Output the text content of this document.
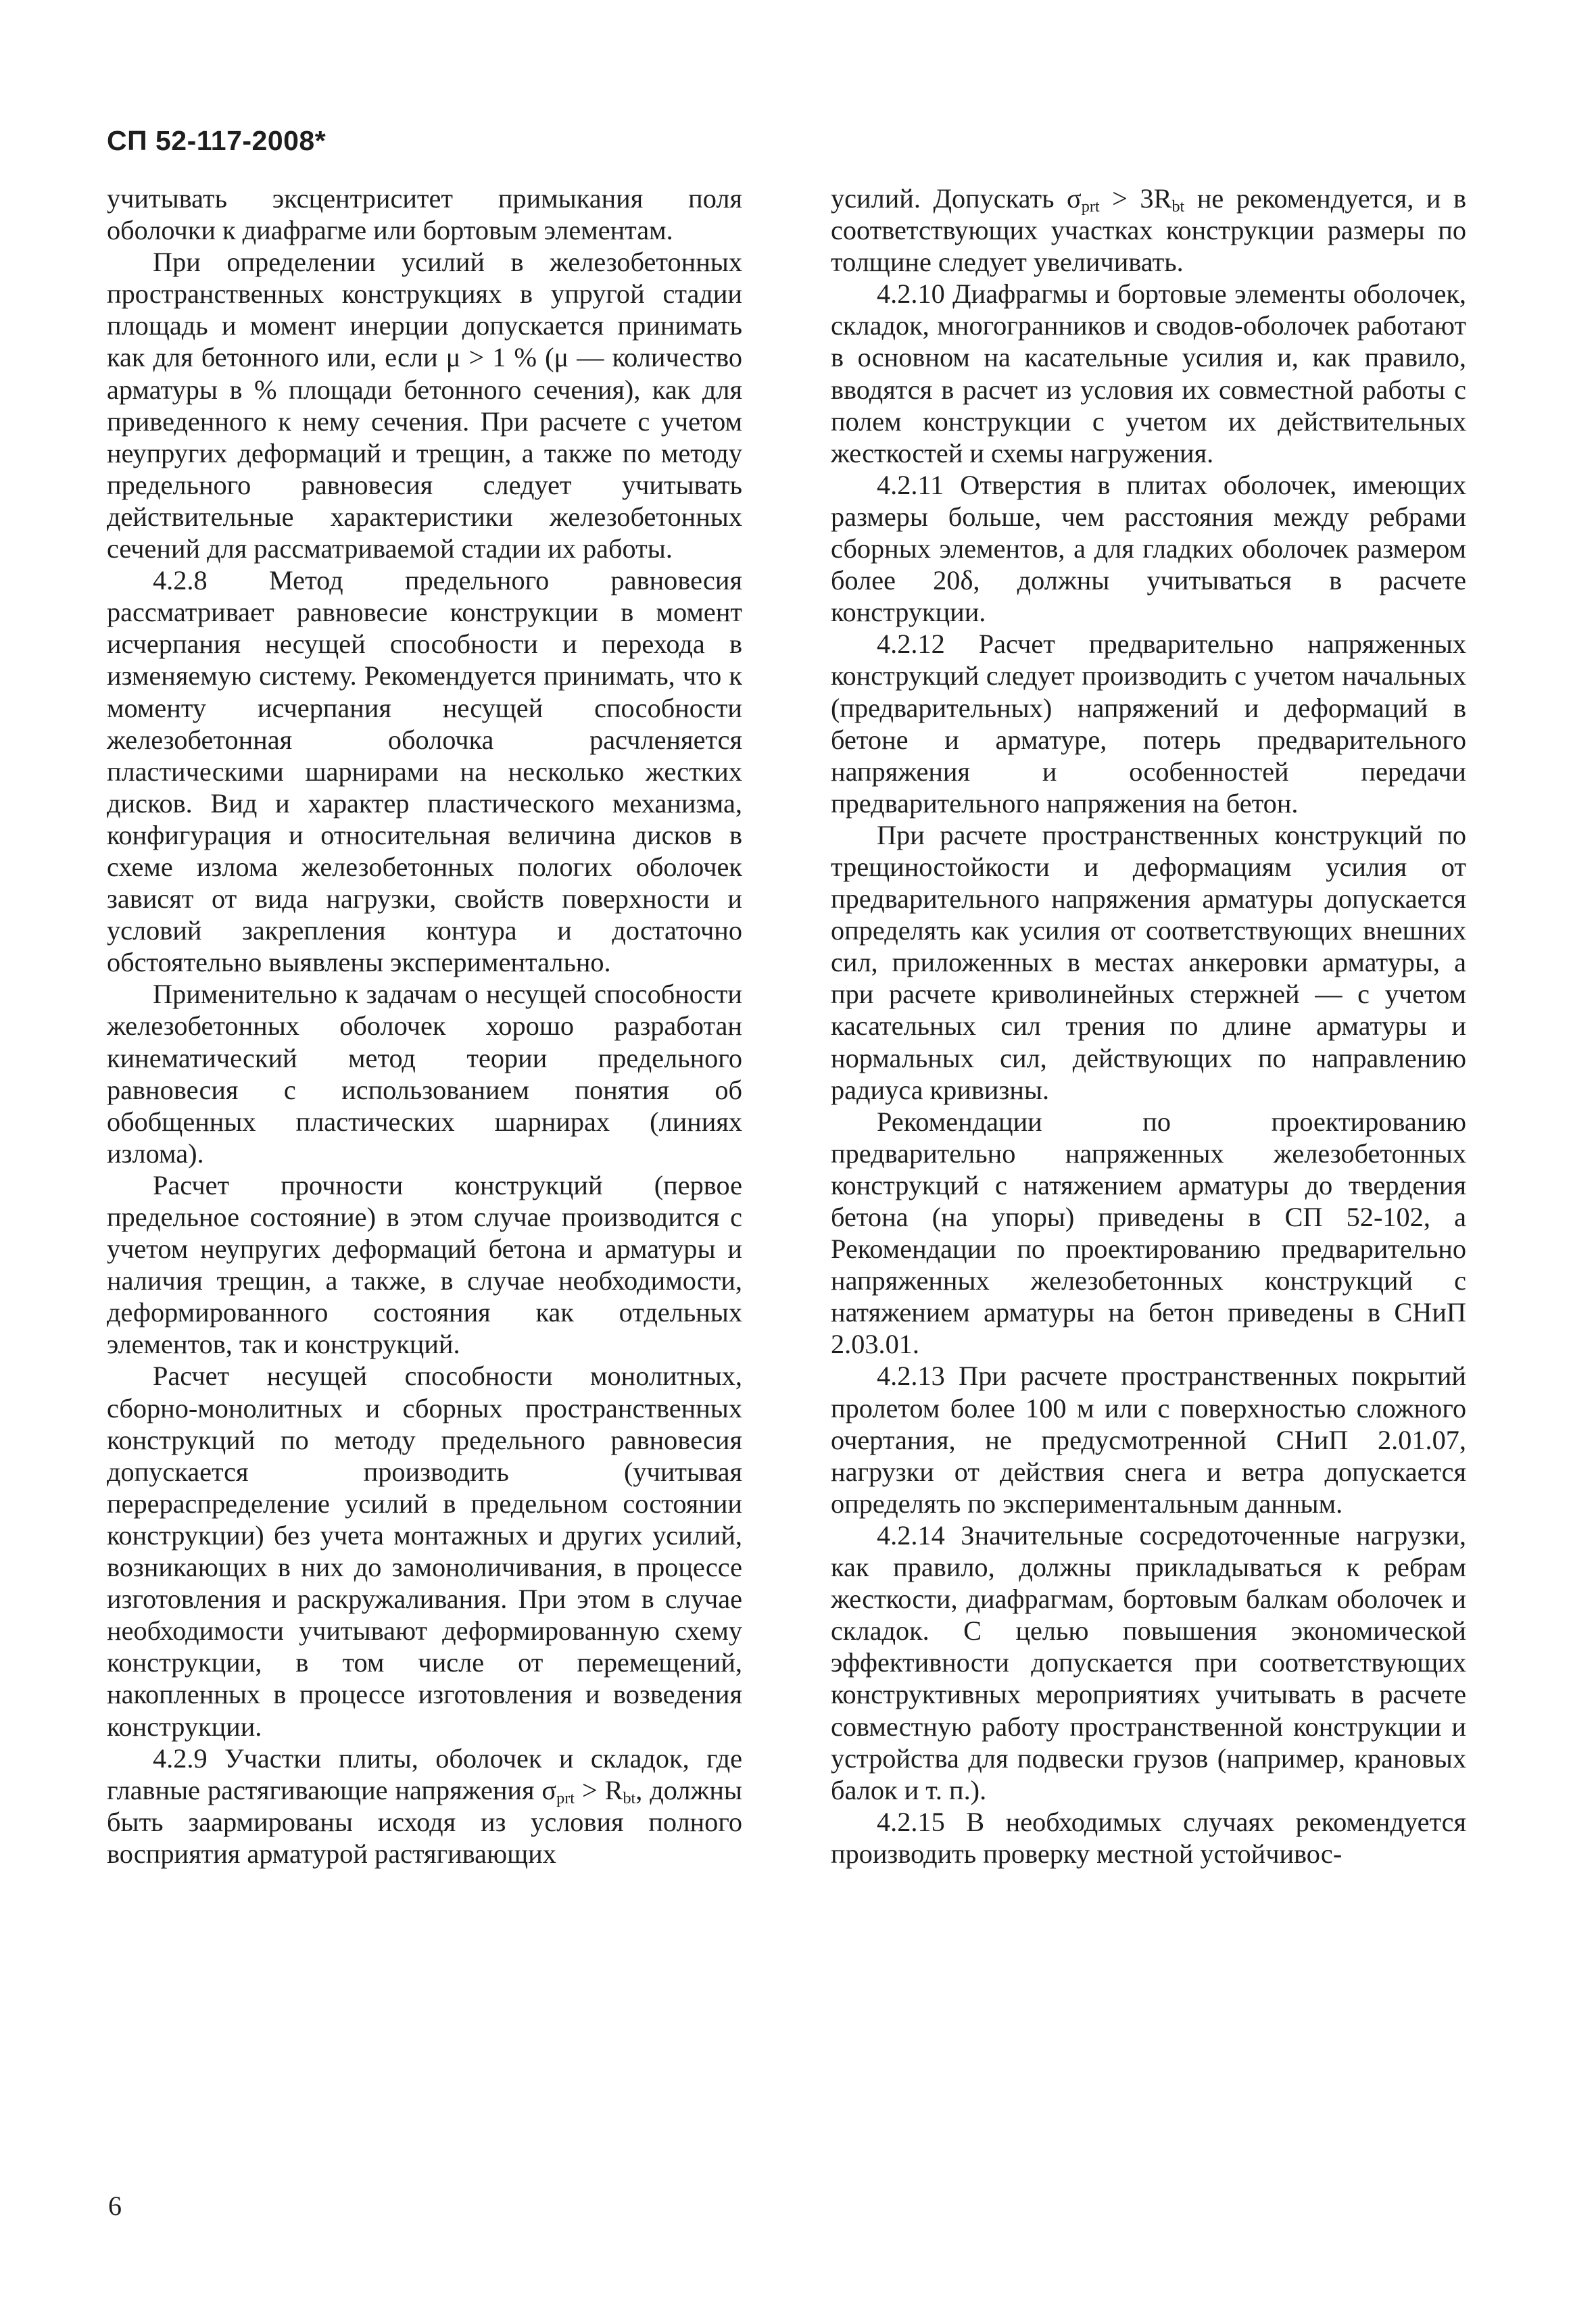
СП 52-117-2008*

учитывать эксцентриситет примыкания поля оболочки к диафрагме или бортовым элементам.

При определении усилий в железобетонных пространственных конструкциях в упругой стадии площадь и момент инерции допускается принимать как для бетонного или, если μ > 1 % (μ — количество арматуры в % площади бетонного сечения), как для приведенного к нему сечения. При расчете с учетом неупругих деформаций и трещин, а также по методу предельного равновесия следует учитывать действительные характеристики железобетонных сечений для рассматриваемой стадии их работы.

4.2.8 Метод предельного равновесия рассматривает равновесие конструкции в момент исчерпания несущей способности и перехода в изменяемую систему. Рекомендуется принимать, что к моменту исчерпания несущей способности железобетонная оболочка расчленяется пластическими шарнирами на несколько жестких дисков. Вид и характер пластического механизма, конфигурация и относительная величина дисков в схеме излома железобетонных пологих оболочек зависят от вида нагрузки, свойств поверхности и условий закрепления контура и достаточно обстоятельно выявлены экспериментально.

Применительно к задачам о несущей способности железобетонных оболочек хорошо разработан кинематический метод теории предельного равновесия с использованием понятия об обобщенных пластических шарнирах (линиях излома).

Расчет прочности конструкций (первое предельное состояние) в этом случае производится с учетом неупругих деформаций бетона и арматуры и наличия трещин, а также, в случае необходимости, деформированного состояния как отдельных элементов, так и конструкций.

Расчет несущей способности монолитных, сборно-монолитных и сборных пространственных конструкций по методу предельного равновесия допускается производить (учитывая перераспределение усилий в предельном состоянии конструкции) без учета монтажных и других усилий, возникающих в них до замоноличивания, в процессе изготовления и раскружаливания. При этом в случае необходимости учитывают деформированную схему конструкции, в том числе от перемещений, накопленных в процессе изготовления и возведения конструкции.

4.2.9 Участки плиты, оболочек и складок, где главные растягивающие напряжения $\sigma_{prt} > R_{bt}$, должны быть заармированы исходя из условия полного восприятия арматурой растягивающих

усилий. Допускать $\sigma_{prt} > 3R_{bt}$ не рекомендуется, и в соответствующих участках конструкции размеры по толщине следует увеличивать.

4.2.10 Диафрагмы и бортовые элементы оболочек, складок, многогранников и сводов-оболочек работают в основном на касательные усилия и, как правило, вводятся в расчет из условия их совместной работы с полем конструкции с учетом их действительных жесткостей и схемы нагружения.

4.2.11 Отверстия в плитах оболочек, имеющих размеры больше, чем расстояния между ребрами сборных элементов, а для гладких оболочек размером более 20δ, должны учитываться в расчете конструкции.

4.2.12 Расчет предварительно напряженных конструкций следует производить с учетом начальных (предварительных) напряжений и деформаций в бетоне и арматуре, потерь предварительного напряжения и особенностей передачи предварительного напряжения на бетон.

При расчете пространственных конструкций по трещиностойкости и деформациям усилия от предварительного напряжения арматуры допускается определять как усилия от соответствующих внешних сил, приложенных в местах анкеровки арматуры, а при расчете криволинейных стержней — с учетом касательных сил трения по длине арматуры и нормальных сил, действующих по направлению радиуса кривизны.

Рекомендации по проектированию предварительно напряженных железобетонных конструкций с натяжением арматуры до твердения бетона (на упоры) приведены в СП 52-102, а Рекомендации по проектированию предварительно напряженных железобетонных конструкций с натяжением арматуры на бетон приведены в СНиП 2.03.01.

4.2.13 При расчете пространственных покрытий пролетом более 100 м или с поверхностью сложного очертания, не предусмотренной СНиП 2.01.07, нагрузки от действия снега и ветра допускается определять по экспериментальным данным.

4.2.14 Значительные сосредоточенные нагрузки, как правило, должны прикладываться к ребрам жесткости, диафрагмам, бортовым балкам оболочек и складок. С целью повышения экономической эффективности допускается при соответствующих конструктивных мероприятиях учитывать в расчете совместную работу пространственной конструкции и устройства для подвески грузов (например, крановых балок и т. п.).

4.2.15 В необходимых случаях рекомендуется производить проверку местной устойчивос-

6
